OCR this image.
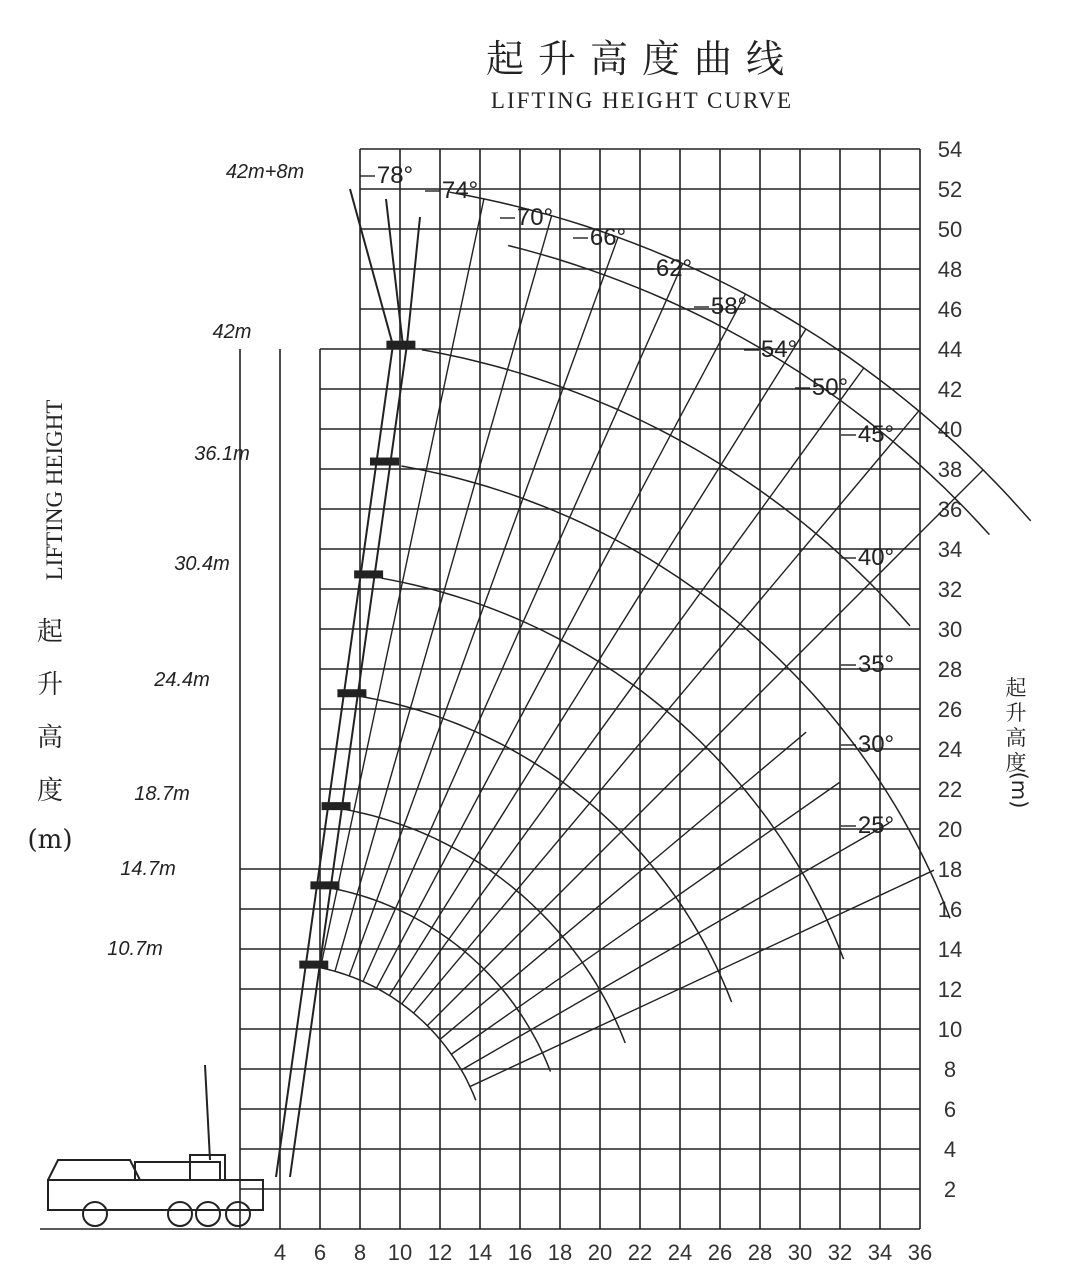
起升高度曲线
LIFTING HEIGHT CURVE
LIFTING HEIGHT
起
升
高
度
(m)
起
升
高
度
(m)
4 6 8 10 12 14 16 18 20 22 24 26 28 30 32 34 36
2
4
6
8
10
12
14
16
18
20
22
24
26
28
30
32
34
36
38
40
42
44
46
48
50
52
54
25°
30°
35°
40°
45°
50°
54°
58°
62°
66°
70°
74°
78°
10.7m
14.7m
18.7m
24.4m
30.4m
36.1m
42m
42m+8m
